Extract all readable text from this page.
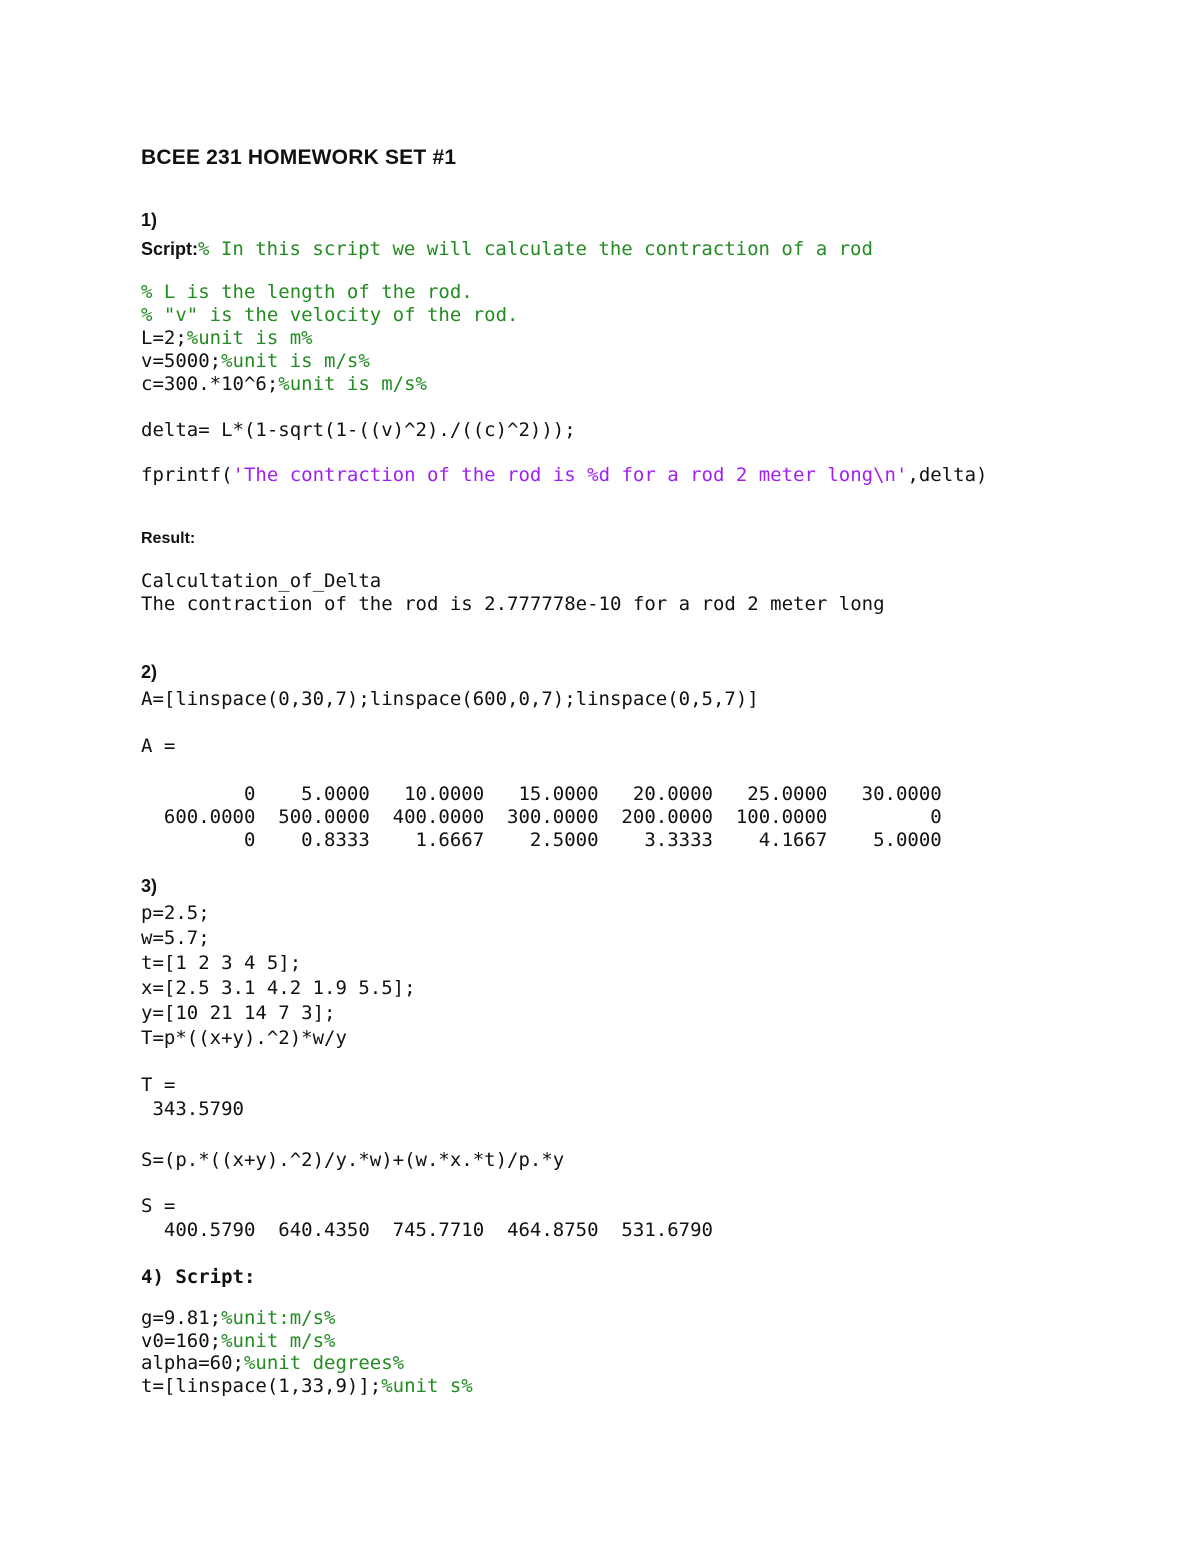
BCEE 231 HOMEWORK SET #1
1)
Script:% In this script we will calculate the contraction of a rod
% L is the length of the rod.
% "v" is the velocity of the rod.
L=2;%unit is m%
v=5000;%unit is m/s%
c=300.*10^6;%unit is m/s%
delta= L*(1-sqrt(1-((v)^2)./((c)^2)));
fprintf('The contraction of the rod is %d for a rod 2 meter long\n',delta)
Result:
Calcultation_of_Delta
The contraction of the rod is 2.777778e-10 for a rod 2 meter long
2)
A=[linspace(0,30,7);linspace(600,0,7);linspace(0,5,7)]
A =
0    5.0000   10.0000   15.0000   20.0000   25.0000   30.0000
600.0000  500.0000  400.0000  300.0000  200.0000  100.0000         0
0    0.8333    1.6667    2.5000    3.3333    4.1667    5.0000
3)
p=2.5;
w=5.7;
t=[1 2 3 4 5];
x=[2.5 3.1 4.2 1.9 5.5];
y=[10 21 14 7 3];
T=p*((x+y).^2)*w/y
T =
343.5790
S=(p.*((x+y).^2)/y.*w)+(w.*x.*t)/p.*y
S =
400.5790  640.4350  745.7710  464.8750  531.6790
4) Script:
g=9.81;%unit:m/s%
v0=160;%unit m/s%
alpha=60;%unit degrees%
t=[linspace(1,33,9)];%unit s%
